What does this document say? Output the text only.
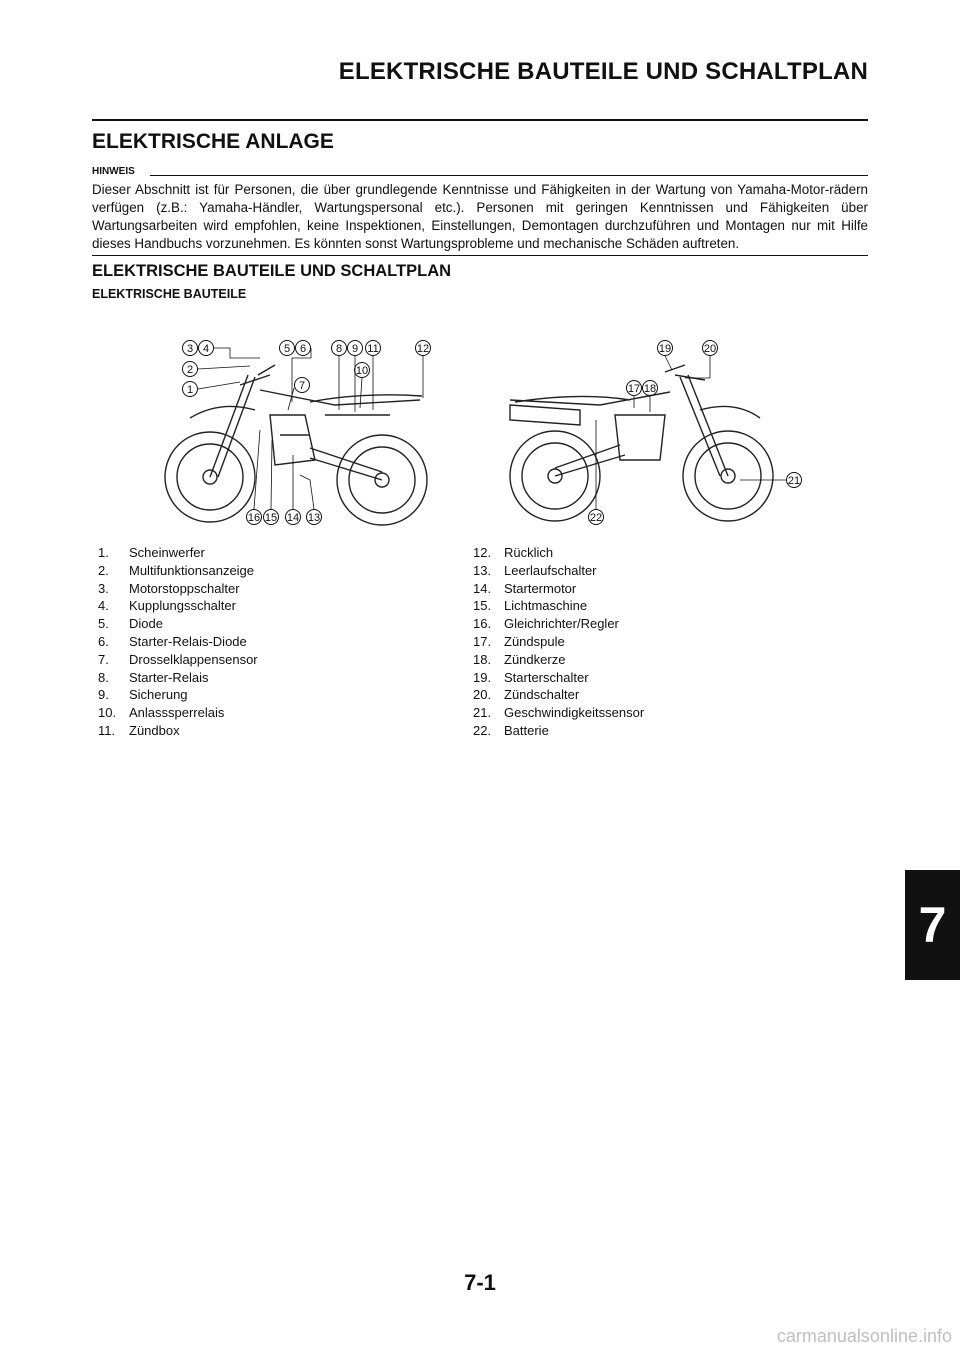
ELEKTRISCHE BAUTEILE UND SCHALTPLAN
ELEKTRISCHE ANLAGE
HINWEIS
Dieser Abschnitt ist für Personen, die über grundlegende Kenntnisse und Fähigkeiten in der Wartung von Yamaha-Motor-rädern verfügen (z.B.: Yamaha-Händler, Wartungspersonal etc.). Personen mit geringen Kenntnissen und Fähigkeiten über Wartungsarbeiten wird empfohlen, keine Inspektionen, Einstellungen, Demontagen durchzuführen und Montagen nur mit Hilfe dieses Handbuchs vorzunehmen. Es könnten sonst Wartungsprobleme und mechanische Schäden auftreten.
ELEKTRISCHE BAUTEILE UND SCHALTPLAN
ELEKTRISCHE BAUTEILE
3 4	5 6	8 9 11	12
2
1	7
10
16 15 14 13
19	20
17 18
21
22
1.	Scheinwerfer
2.	Multifunktionsanzeige
3.	Motorstoppschalter
4.	Kupplungsschalter
5.	Diode
6.	Starter-Relais-Diode
7.	Drosselklappensensor
8.	Starter-Relais
9.	Sicherung
10. Anlasssperrelais
11.	Zündbox
12. Rücklich
13. Leerlaufschalter
14. Startermotor
15. Lichtmaschine
16. Gleichrichter/Regler
17. Zündspule
18. Zündkerze
19. Starterschalter
20. Zündschalter
21. Geschwindigkeitssensor
22. Batterie
7
7-1
carmanualsonline.info
